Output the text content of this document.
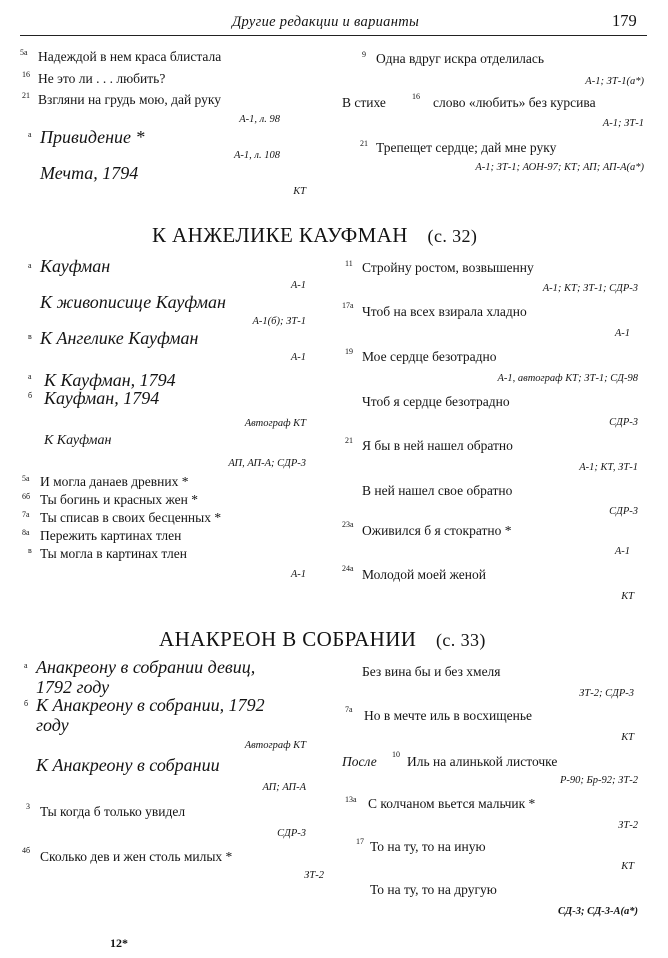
Другие редакции и варианты	179
5а Надеждой в нем краса блистала
16 Не это ли . . . любить?
21 Взгляни на грудь мою, дай руку
А-1, л. 98
а Привидение *
А-1, л. 108
Мечта, 1794
КТ
9 Одна вдруг искра отделилась
А-1; ЗТ-1(а*)
В стихе	16 слово «любить» без курсива
А-1; ЗТ-1
21 Трепещет сердце; дай мне руку
А-1; ЗТ-1; АОН-97; КТ; АП; АП-А(а*)
К АНЖЕЛИКЕ КАУФМАН (с. 32)
а Кауфман
А-1
К живописице Кауфман
А-1(б); ЗТ-1
в К Ангелике Кауфман
А-1
а К Кауфман, 1794
б Кауфман, 1794
Автограф КТ
К Кауфман
АП, АП-А; СДР-3
5а И могла данаев древних *
6б Ты богинь и красных жен *
7а Ты списав в своих бесценных *
8а Пережить картинах тлен
в Ты могла в картинах тлен
А-1
11 Стройну ростом, возвышенну
А-1; КТ; ЗТ-1; СДР-3
17а Чтоб на всех взирала хладно
А-1
19 Мое сердце безотрадно
А-1, автограф КТ; ЗТ-1; СД-98
Чтоб я сердце безотрадно
СДР-3
21 Я бы в ней нашел обратно
А-1; КТ, ЗТ-1
В ней нашел свое обратно
СДР-3
23а Оживился б я стократно *
А-1
24а Молодой моей женой
КТ
АНАКРЕОН В СОБРАНИИ (с. 33)
а Анакреону в собрании девиц,
1792 году
б К Анакреону в собрании, 1792
году
Автограф КТ
К Анакреону в собрании
АП; АП-А
3 Ты когда б только увидел
СДР-3
4б Сколько дев и жен столь милых *
ЗТ-2
Без вина бы и без хмеля
ЗТ-2; СДР-3
7а Но в мечте иль в восхищенье
КТ
После 10 Иль на алинькой листочке
Р-90; Бр-92; ЗТ-2
13а С колчаном вьется мальчик *
ЗТ-2
17 То на ту, то на иную
КТ
То на ту, то на другую
СД-3; СД-3-А(а*)
12*
